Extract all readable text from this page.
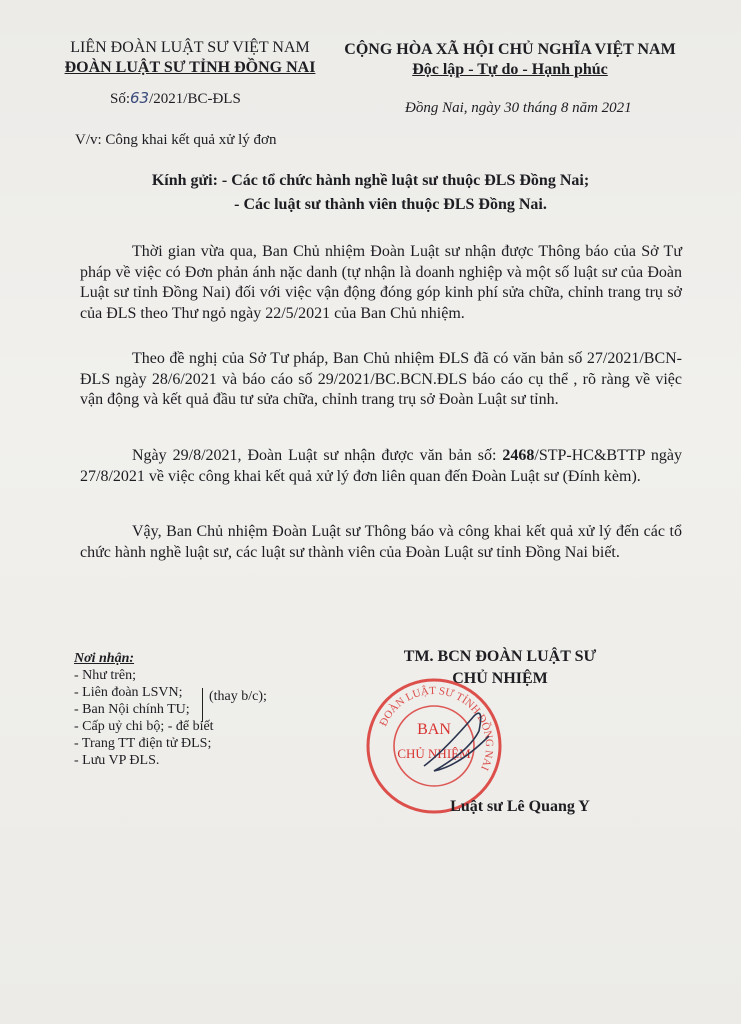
LIÊN ĐOÀN LUẬT SƯ VIỆT NAM
ĐOÀN LUẬT SƯ TỈNH ĐỒNG NAI
CỘNG HÒA XÃ HỘI CHỦ NGHĨA VIỆT NAM
Độc lập - Tự do - Hạnh phúc
Số:63/2021/BC-ĐLS
Đồng Nai, ngày 30 tháng 8 năm 2021
V/v: Công khai kết quả xử lý đơn
Kính gửi: - Các tổ chức hành nghề luật sư thuộc ĐLS Đồng Nai;
- Các luật sư thành viên thuộc ĐLS Đồng Nai.
Thời gian vừa qua, Ban Chủ nhiệm Đoàn Luật sư nhận được Thông báo của Sở Tư pháp về việc có Đơn phản ánh nặc danh (tự nhận là doanh nghiệp và một số luật sư của Đoàn Luật sư tỉnh Đồng Nai) đối với việc vận động đóng góp kinh phí sửa chữa, chỉnh trang trụ sở của ĐLS theo Thư ngỏ ngày 22/5/2021 của Ban Chủ nhiệm.
Theo đề nghị của Sở Tư pháp, Ban Chủ nhiệm ĐLS đã có văn bản số 27/2021/BCN-ĐLS ngày 28/6/2021 và báo cáo số 29/2021/BC.BCN.ĐLS báo cáo cụ thể , rõ ràng về việc vận động và kết quả đầu tư sửa chữa, chỉnh trang trụ sở Đoàn Luật sư tỉnh.
Ngày 29/8/2021, Đoàn Luật sư nhận được văn bản số: 2468/STP-HC&BTTP ngày 27/8/2021 về việc công khai kết quả xử lý đơn liên quan đến Đoàn Luật sư (Đính kèm).
Vậy, Ban Chủ nhiệm Đoàn Luật sư Thông báo và công khai kết quả xử lý đến các tổ chức hành nghề luật sư, các luật sư thành viên của Đoàn Luật sư tỉnh Đồng Nai biết.
TM. BCN ĐOÀN LUẬT SƯ
CHỦ NHIỆM
ĐOÀN LUẬT SƯ TỈNH ĐỒNG NAI
BAN
CHỦ NHIỆM
Luật sư Lê Quang Y
Nơi nhận:
- Như trên;
- Liên đoàn LSVN;
- Ban Nội chính TU;
- Cấp uỷ chi bộ; - để biết
- Trang TT điện tử ĐLS;
- Lưu VP ĐLS.
(thay b/c);
